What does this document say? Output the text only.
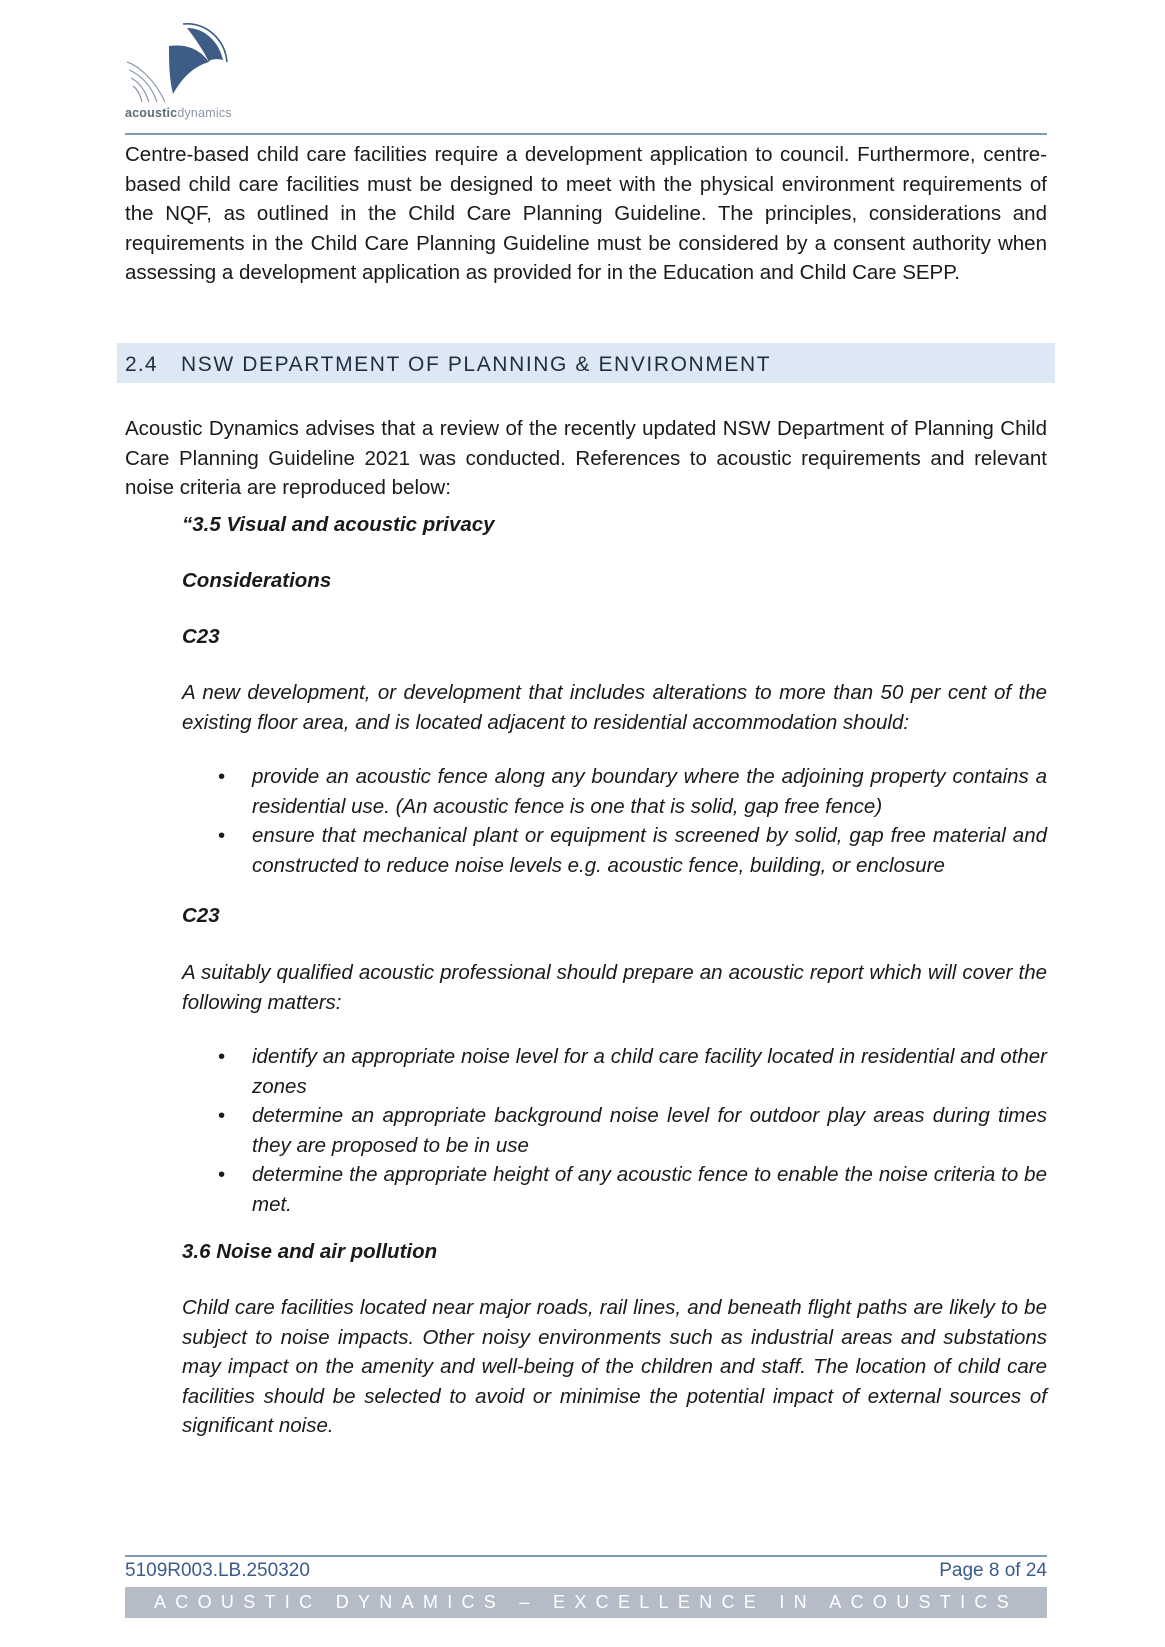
acousticdynamics

Centre-based child care facilities require a development application to council. Furthermore, centre-based child care facilities must be designed to meet with the physical environment requirements of the NQF, as outlined in the Child Care Planning Guideline. The principles, considerations and requirements in the Child Care Planning Guideline must be considered by a consent authority when assessing a development application as provided for in the Education and Child Care SEPP.

2.4 NSW DEPARTMENT OF PLANNING & ENVIRONMENT

Acoustic Dynamics advises that a review of the recently updated NSW Department of Planning Child Care Planning Guideline 2021 was conducted. References to acoustic requirements and relevant noise criteria are reproduced below:

“3.5 Visual and acoustic privacy
Considerations
C23
A new development, or development that includes alterations to more than 50 per cent of the existing floor area, and is located adjacent to residential accommodation should:
• provide an acoustic fence along any boundary where the adjoining property contains a residential use. (An acoustic fence is one that is solid, gap free fence)
• ensure that mechanical plant or equipment is screened by solid, gap free material and constructed to reduce noise levels e.g. acoustic fence, building, or enclosure
C23
A suitably qualified acoustic professional should prepare an acoustic report which will cover the following matters:
• identify an appropriate noise level for a child care facility located in residential and other zones
• determine an appropriate background noise level for outdoor play areas during times they are proposed to be in use
• determine the appropriate height of any acoustic fence to enable the noise criteria to be met.
3.6 Noise and air pollution
Child care facilities located near major roads, rail lines, and beneath flight paths are likely to be subject to noise impacts. Other noisy environments such as industrial areas and substations may impact on the amenity and well-being of the children and staff. The location of child care facilities should be selected to avoid or minimise the potential impact of external sources of significant noise.
5109R003.LB.250320	Page 8 of 24
ACOUSTIC DYNAMICS – EXCELLENCE IN ACOUSTICS
